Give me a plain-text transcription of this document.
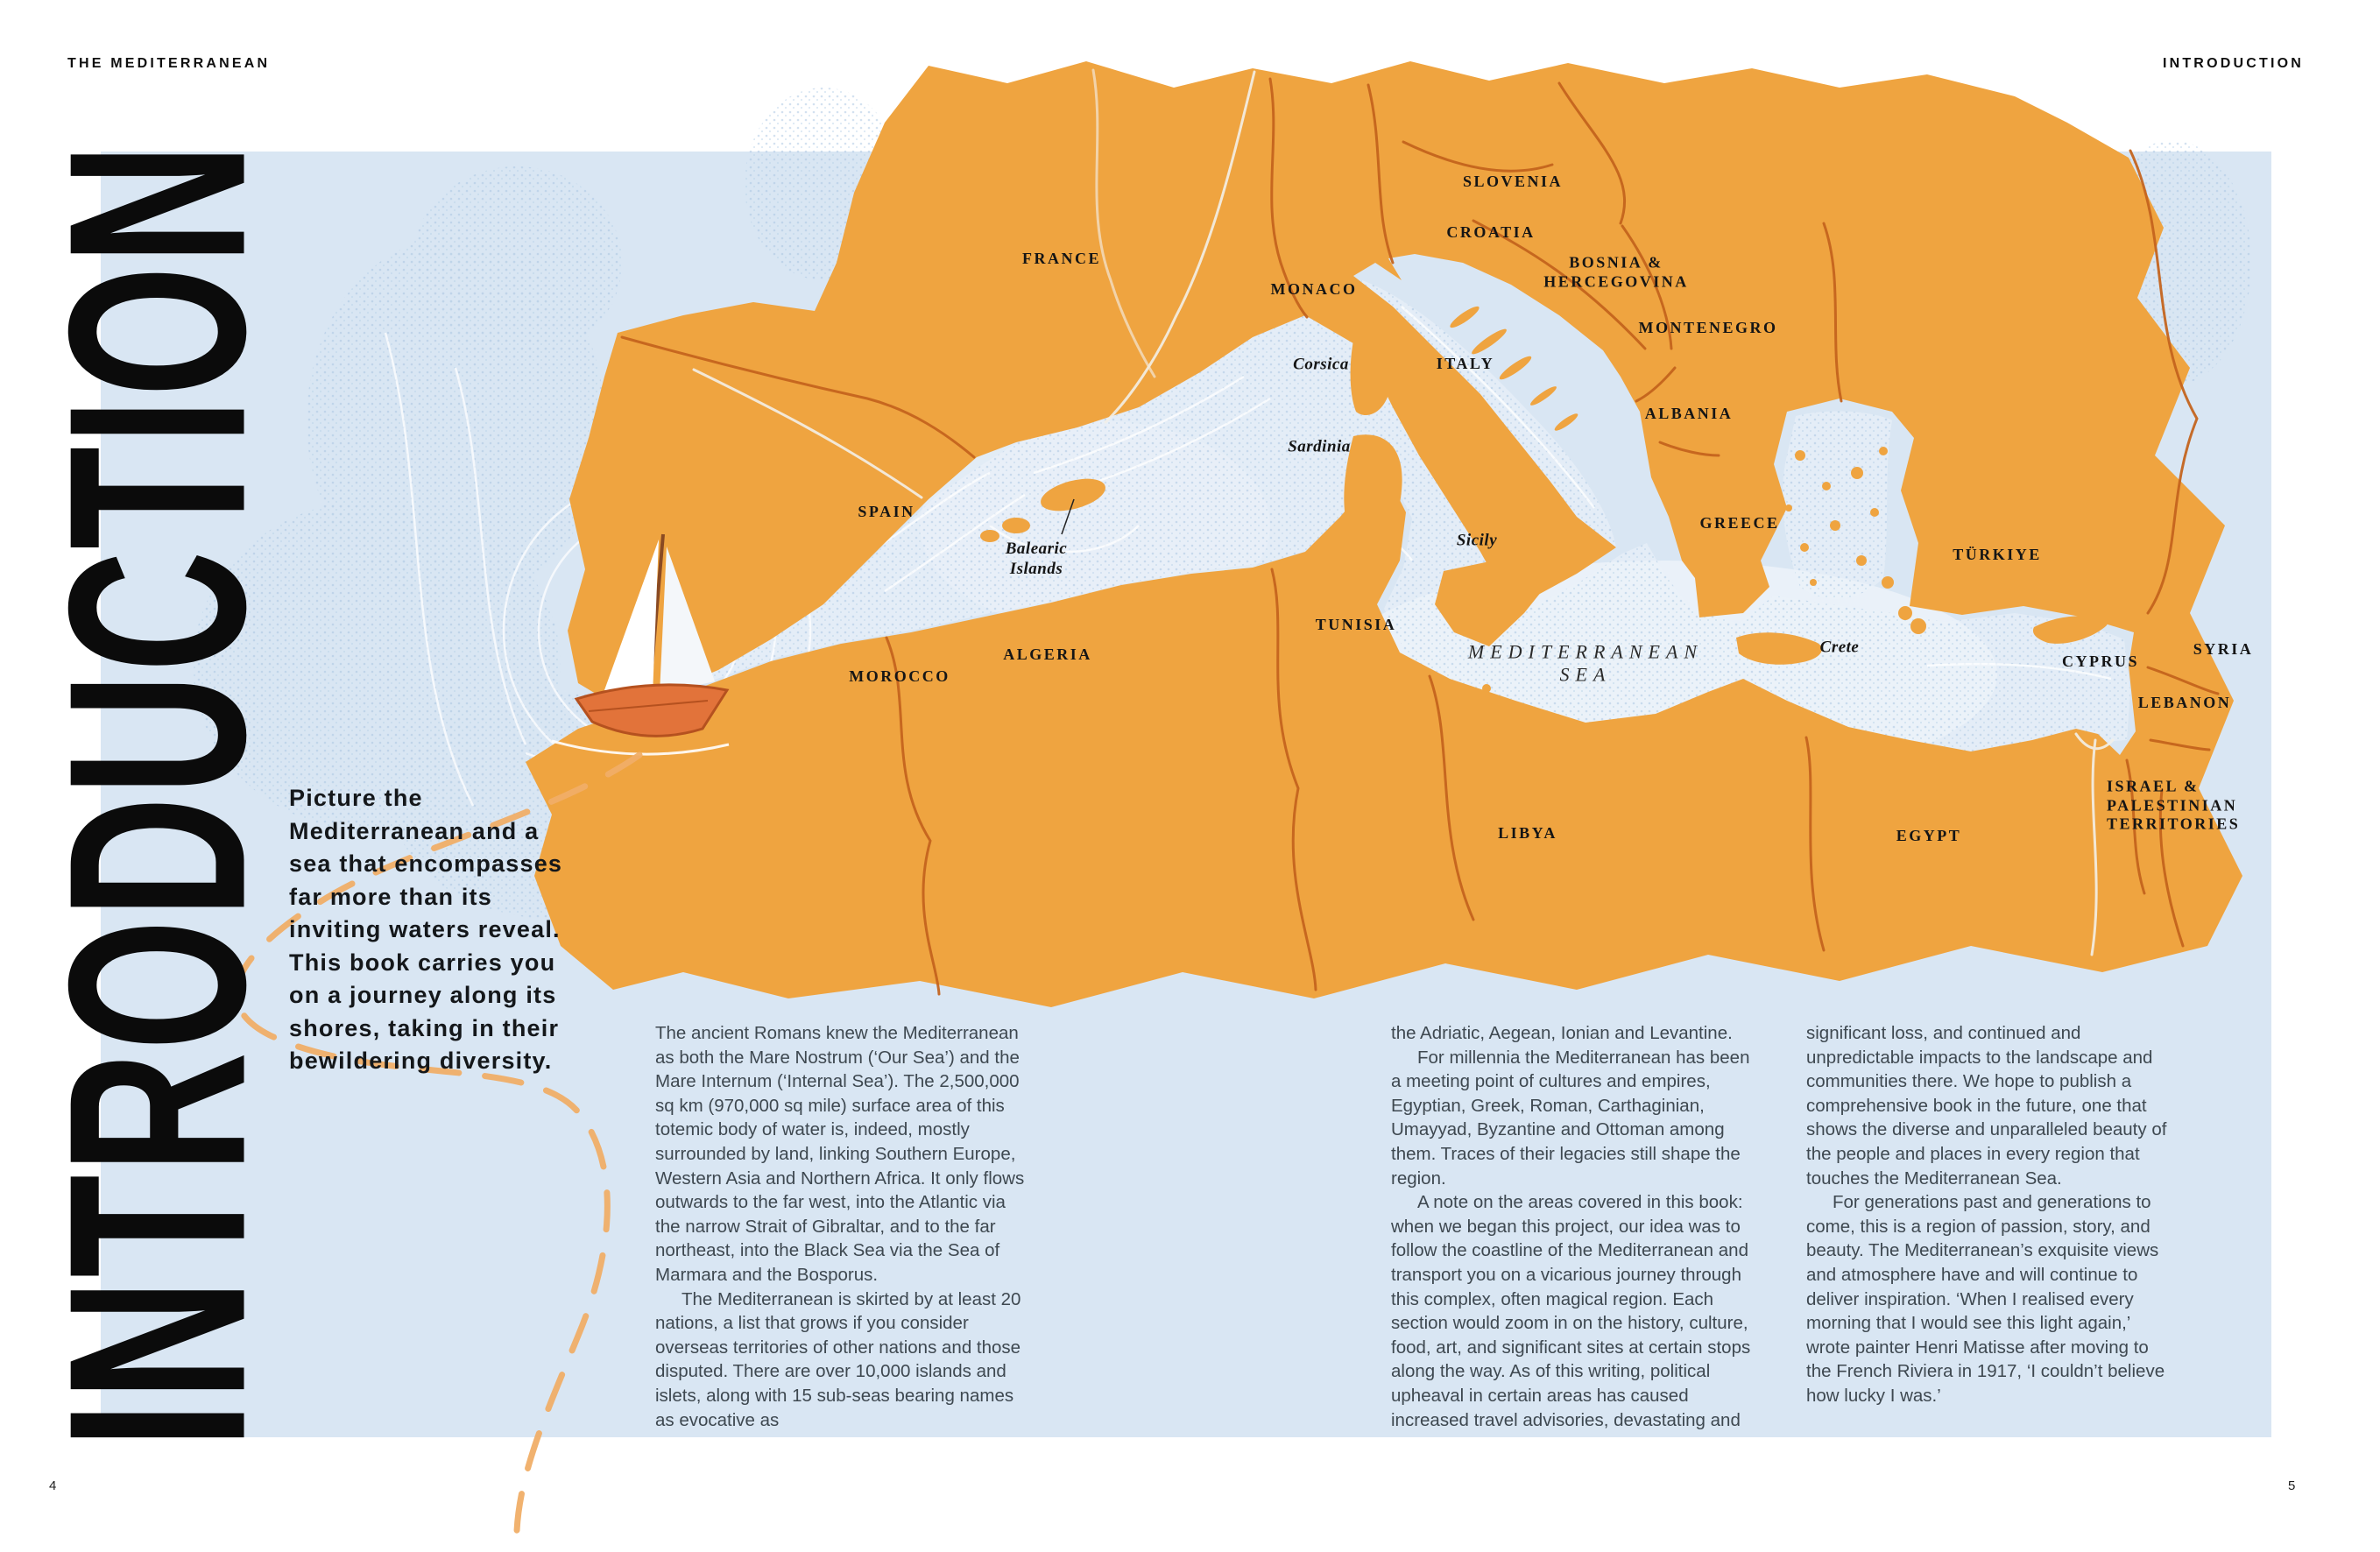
THE MEDITERRANEAN	INTRODUCTION
4	5
INTRODUCTION
Picture the Mediterranean and a sea that encompasses far more than its inviting waters reveal. This book carries you on a journey along its shores, taking in their bewildering diversity.

The ancient Romans knew the Mediterranean as both the Mare Nostrum (‘Our Sea’) and the Mare Internum (‘Internal Sea’). The 2,500,000 sq km (970,000 sq mile) surface area of this totemic body of water is, indeed, mostly surrounded by land, linking Southern Europe, Western Asia and Northern Africa. It only flows outwards to the far west, into the Atlantic via the narrow Strait of Gibraltar, and to the far northeast, into the Black Sea via the Sea of Marmara and the Bosporus.

The Mediterranean is skirted by at least 20 nations, a list that grows if you consider overseas territories of other nations and those disputed. There are over 10,000 islands and islets, along with 15 sub-seas bearing names as evocative as

the Adriatic, Aegean, Ionian and Levantine.

For millennia the Mediterranean has been a meeting point of cultures and empires, Egyptian, Greek, Roman, Carthaginian, Umayyad, Byzantine and Ottoman among them. Traces of their legacies still shape the region.

A note on the areas covered in this book: when we began this project, our idea was to follow the coastline of the Mediterranean and transport you on a vicarious journey through this complex, often magical region. Each section would zoom in on the history, culture, food, art, and significant sites at certain stops along the way. As of this writing, political upheaval in certain areas has caused increased travel advisories, devastating and

significant loss, and continued and unpredictable impacts to the landscape and communities there. We hope to publish a comprehensive book in the future, one that shows the diverse and unparalleled beauty of the people and places in every region that touches the Mediterranean Sea.

For generations past and generations to come, this is a region of passion, story, and beauty. The Mediterranean’s exquisite views and atmosphere have and will continue to deliver inspiration. ‘When I realised every morning that I would see this light again,’ wrote painter Henri Matisse after moving to the French Riviera in 1917, ‘I couldn’t believe how lucky I was.’

FRANCE
MONACO
SLOVENIA
CROATIA
BOSNIA &
HERCEGOVINA
MONTENEGRO
ITALY
ALBANIA
GREECE
TÜRKIYE
SPAIN
MOROCCO
ALGERIA
TUNISIA
LIBYA	EGYPT
CYPRUS
SYRIA
LEBANON
ISRAEL &
PALESTINIAN
TERRITORIES
MEDITERRANEAN
SEA
Corsica
Sardinia
Balearic
Islands
Sicily
Crete
